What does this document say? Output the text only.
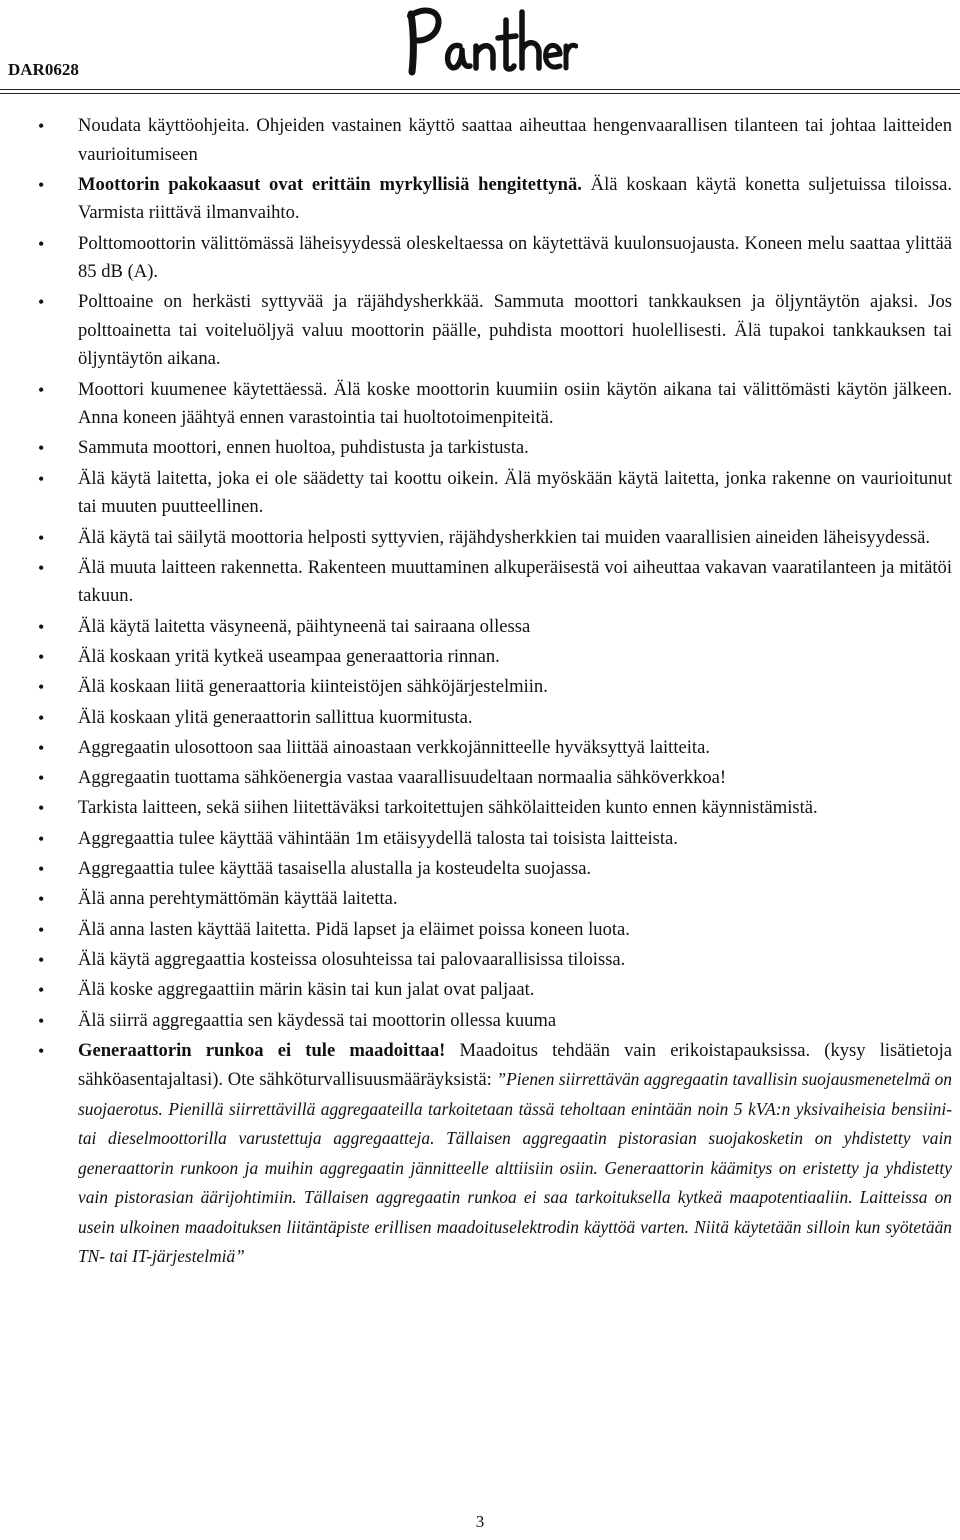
DAR0628
• Noudata käyttöohjeita. Ohjeiden vastainen käyttö saattaa aiheuttaa hengenvaarallisen tilanteen tai johtaa laitteiden vaurioitumiseen
• Moottorin pakokaasut ovat erittäin myrkyllisiä hengitettynä. Älä koskaan käytä konetta suljetuissa tiloissa. Varmista riittävä ilmanvaihto.
• Polttomoottorin välittömässä läheisyydessä oleskeltaessa on käytettävä kuulonsuojausta. Koneen melu saattaa ylittää 85 dB (A).
• Polttoaine on herkästi syttyvää ja räjähdysherkkää. Sammuta moottori tankkauksen ja öljyntäytön ajaksi. Jos polttoainetta tai voiteluöljyä valuu moottorin päälle, puhdista moottori huolellisesti. Älä tupakoi tankkauksen tai öljyntäytön aikana.
• Moottori kuumenee käytettäessä. Älä koske moottorin kuumiin osiin käytön aikana tai välittömästi käytön jälkeen. Anna koneen jäähtyä ennen varastointia tai huoltotoimenpiteitä.
• Sammuta moottori, ennen huoltoa, puhdistusta ja tarkistusta.
• Älä käytä laitetta, joka ei ole säädetty tai koottu oikein. Älä myöskään käytä laitetta, jonka rakenne on vaurioitunut tai muuten puutteellinen.
• Älä käytä tai säilytä moottoria helposti syttyvien, räjähdysherkkien tai muiden vaarallisien aineiden läheisyydessä.
• Älä muuta laitteen rakennetta. Rakenteen muuttaminen alkuperäisestä voi aiheuttaa vakavan vaaratilanteen ja mitätöi takuun.
• Älä käytä laitetta väsyneenä, päihtyneenä tai sairaana ollessa
• Älä koskaan yritä kytkeä useampaa generaattoria rinnan.
• Älä koskaan liitä generaattoria kiinteistöjen sähköjärjestelmiin.
• Älä koskaan ylitä generaattorin sallittua kuormitusta.
• Aggregaatin ulosottoon saa liittää ainoastaan verkkojännitteelle hyväksyttyä laitteita.
• Aggregaatin tuottama sähköenergia vastaa vaarallisuudeltaan normaalia sähköverkkoa!
• Tarkista laitteen, sekä siihen liitettäväksi tarkoitettujen sähkölaitteiden kunto ennen käynnistämistä.
• Aggregaattia tulee käyttää vähintään 1m etäisyydellä talosta tai toisista laitteista.
• Aggregaattia tulee käyttää tasaisella alustalla ja kosteudelta suojassa.
• Älä anna perehtymättömän käyttää laitetta.
• Älä anna lasten käyttää laitetta. Pidä lapset ja eläimet poissa koneen luota.
• Älä käytä aggregaattia kosteissa olosuhteissa tai palovaarallisissa tiloissa.
• Älä koske aggregaattiin märin käsin tai kun jalat ovat paljaat.
• Älä siirrä aggregaattia sen käydessä tai moottorin ollessa kuuma
• Generaattorin runkoa ei tule maadoittaa! Maadoitus tehdään vain erikoistapauksissa. (kysy lisätietoja sähköasentajaltasi). Ote sähköturvallisuusmääräyksistä: ”Pienen siirrettävän aggregaatin tavallisin suojausmenetelmä on suojaerotus. Pienillä siirrettävillä aggregaateilla tarkoitetaan tässä teholtaan enintään noin 5 kVA:n yksivaiheisia bensiini- tai dieselmoottorilla varustettuja aggregaatteja. Tällaisen aggregaatin pistorasian suojakosketin on yhdistetty vain generaattorin runkoon ja muihin aggregaatin jännitteelle alttiisiin osiin. Generaattorin käämitys on eristetty ja yhdistetty vain pistorasian äärijohtimiin. Tällaisen aggregaatin runkoa ei saa tarkoituksella kytkeä maapotentiaaliin. Laitteissa on usein ulkoinen maadoituksen liitäntäpiste erillisen maadoituselektrodin käyttöä varten. Niitä käytetään silloin kun syötetään TN- tai IT-järjestelmiä”
3
